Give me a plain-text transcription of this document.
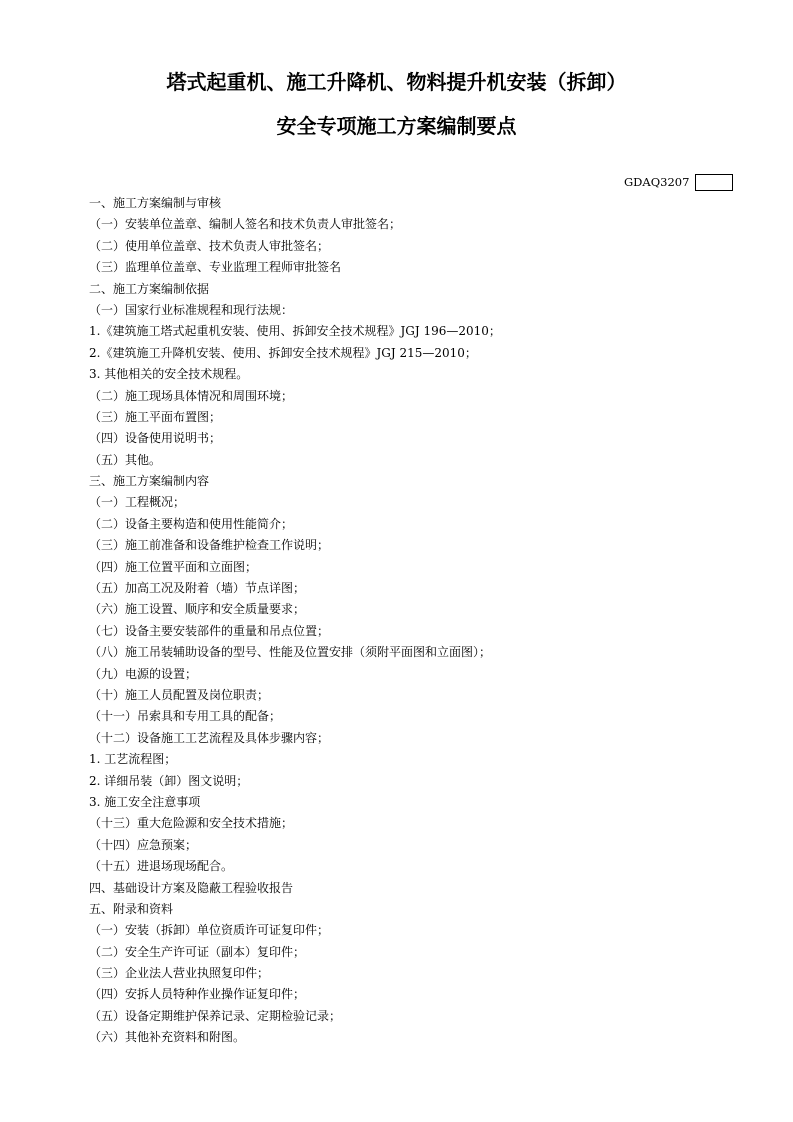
塔式起重机、施工升降机、物料提升机安装（拆卸）
安全专项施工方案编制要点
GDAQ3207
一、施工方案编制与审核
（一）安装单位盖章、编制人签名和技术负责人审批签名；
（二）使用单位盖章、技术负责人审批签名；
（三）监理单位盖章、专业监理工程师审批签名
二、施工方案编制依据
（一）国家行业标准规程和现行法规：
1.《建筑施工塔式起重机安装、使用、拆卸安全技术规程》JGJ 196—2010；
2.《建筑施工升降机安装、使用、拆卸安全技术规程》JGJ 215—2010；
3. 其他相关的安全技术规程。
（二）施工现场具体情况和周围环境；
（三）施工平面布置图；
（四）设备使用说明书；
（五）其他。
三、施工方案编制内容
（一）工程概况；
（二）设备主要构造和使用性能简介；
（三）施工前准备和设备维护检查工作说明；
（四）施工位置平面和立面图；
（五）加高工况及附着（墙）节点详图；
（六）施工设置、顺序和安全质量要求；
（七）设备主要安装部件的重量和吊点位置；
（八）施工吊装辅助设备的型号、性能及位置安排（须附平面图和立面图）；
（九）电源的设置；
（十）施工人员配置及岗位职责；
（十一）吊索具和专用工具的配备；
（十二）设备施工工艺流程及具体步骤内容；
1. 工艺流程图；
2. 详细吊装（卸）图文说明；
3. 施工安全注意事项
（十三）重大危险源和安全技术措施；
（十四）应急预案；
（十五）进退场现场配合。
四、基础设计方案及隐蔽工程验收报告
五、附录和资料
（一）安装（拆卸）单位资质许可证复印件；
（二）安全生产许可证（副本）复印件；
（三）企业法人营业执照复印件；
（四）安拆人员特种作业操作证复印件；
（五）设备定期维护保养记录、定期检验记录；
（六）其他补充资料和附图。
